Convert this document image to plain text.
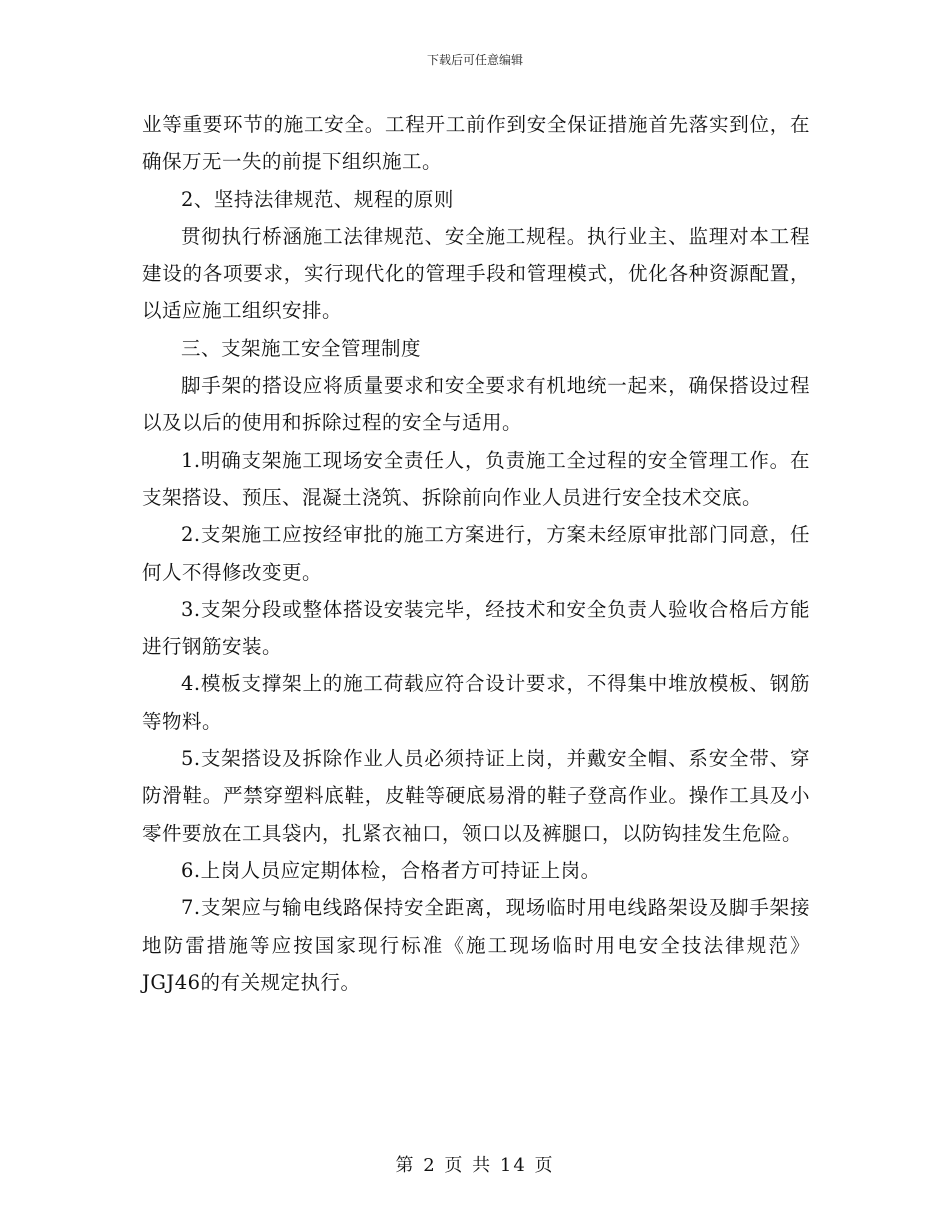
下载后可任意编辑

业等重要环节的施工安全。工程开工前作到安全保证措施首先落实到位，在确保万无一失的前提下组织施工。

2、坚持法律规范、规程的原则

贯彻执行桥涵施工法律规范、安全施工规程。执行业主、监理对本工程建设的各项要求，实行现代化的管理手段和管理模式，优化各种资源配置，以适应施工组织安排。

三、支架施工安全管理制度

脚手架的搭设应将质量要求和安全要求有机地统一起来，确保搭设过程以及以后的使用和拆除过程的安全与适用。

1.明确支架施工现场安全责任人，负责施工全过程的安全管理工作。在支架搭设、预压、混凝土浇筑、拆除前向作业人员进行安全技术交底。

2.支架施工应按经审批的施工方案进行，方案未经原审批部门同意，任何人不得修改变更。

3.支架分段或整体搭设安装完毕，经技术和安全负责人验收合格后方能进行钢筋安装。

4.模板支撑架上的施工荷载应符合设计要求，不得集中堆放模板、钢筋等物料。

5.支架搭设及拆除作业人员必须持证上岗，并戴安全帽、系安全带、穿防滑鞋。严禁穿塑料底鞋，皮鞋等硬底易滑的鞋子登高作业。操作工具及小零件要放在工具袋内，扎紧衣袖口，领口以及裤腿口，以防钩挂发生危险。

6.上岗人员应定期体检，合格者方可持证上岗。

7.支架应与输电线路保持安全距离，现场临时用电线路架设及脚手架接地防雷措施等应按国家现行标准《施工现场临时用电安全技法律规范》JGJ46的有关规定执行。

第 2 页 共 14 页
